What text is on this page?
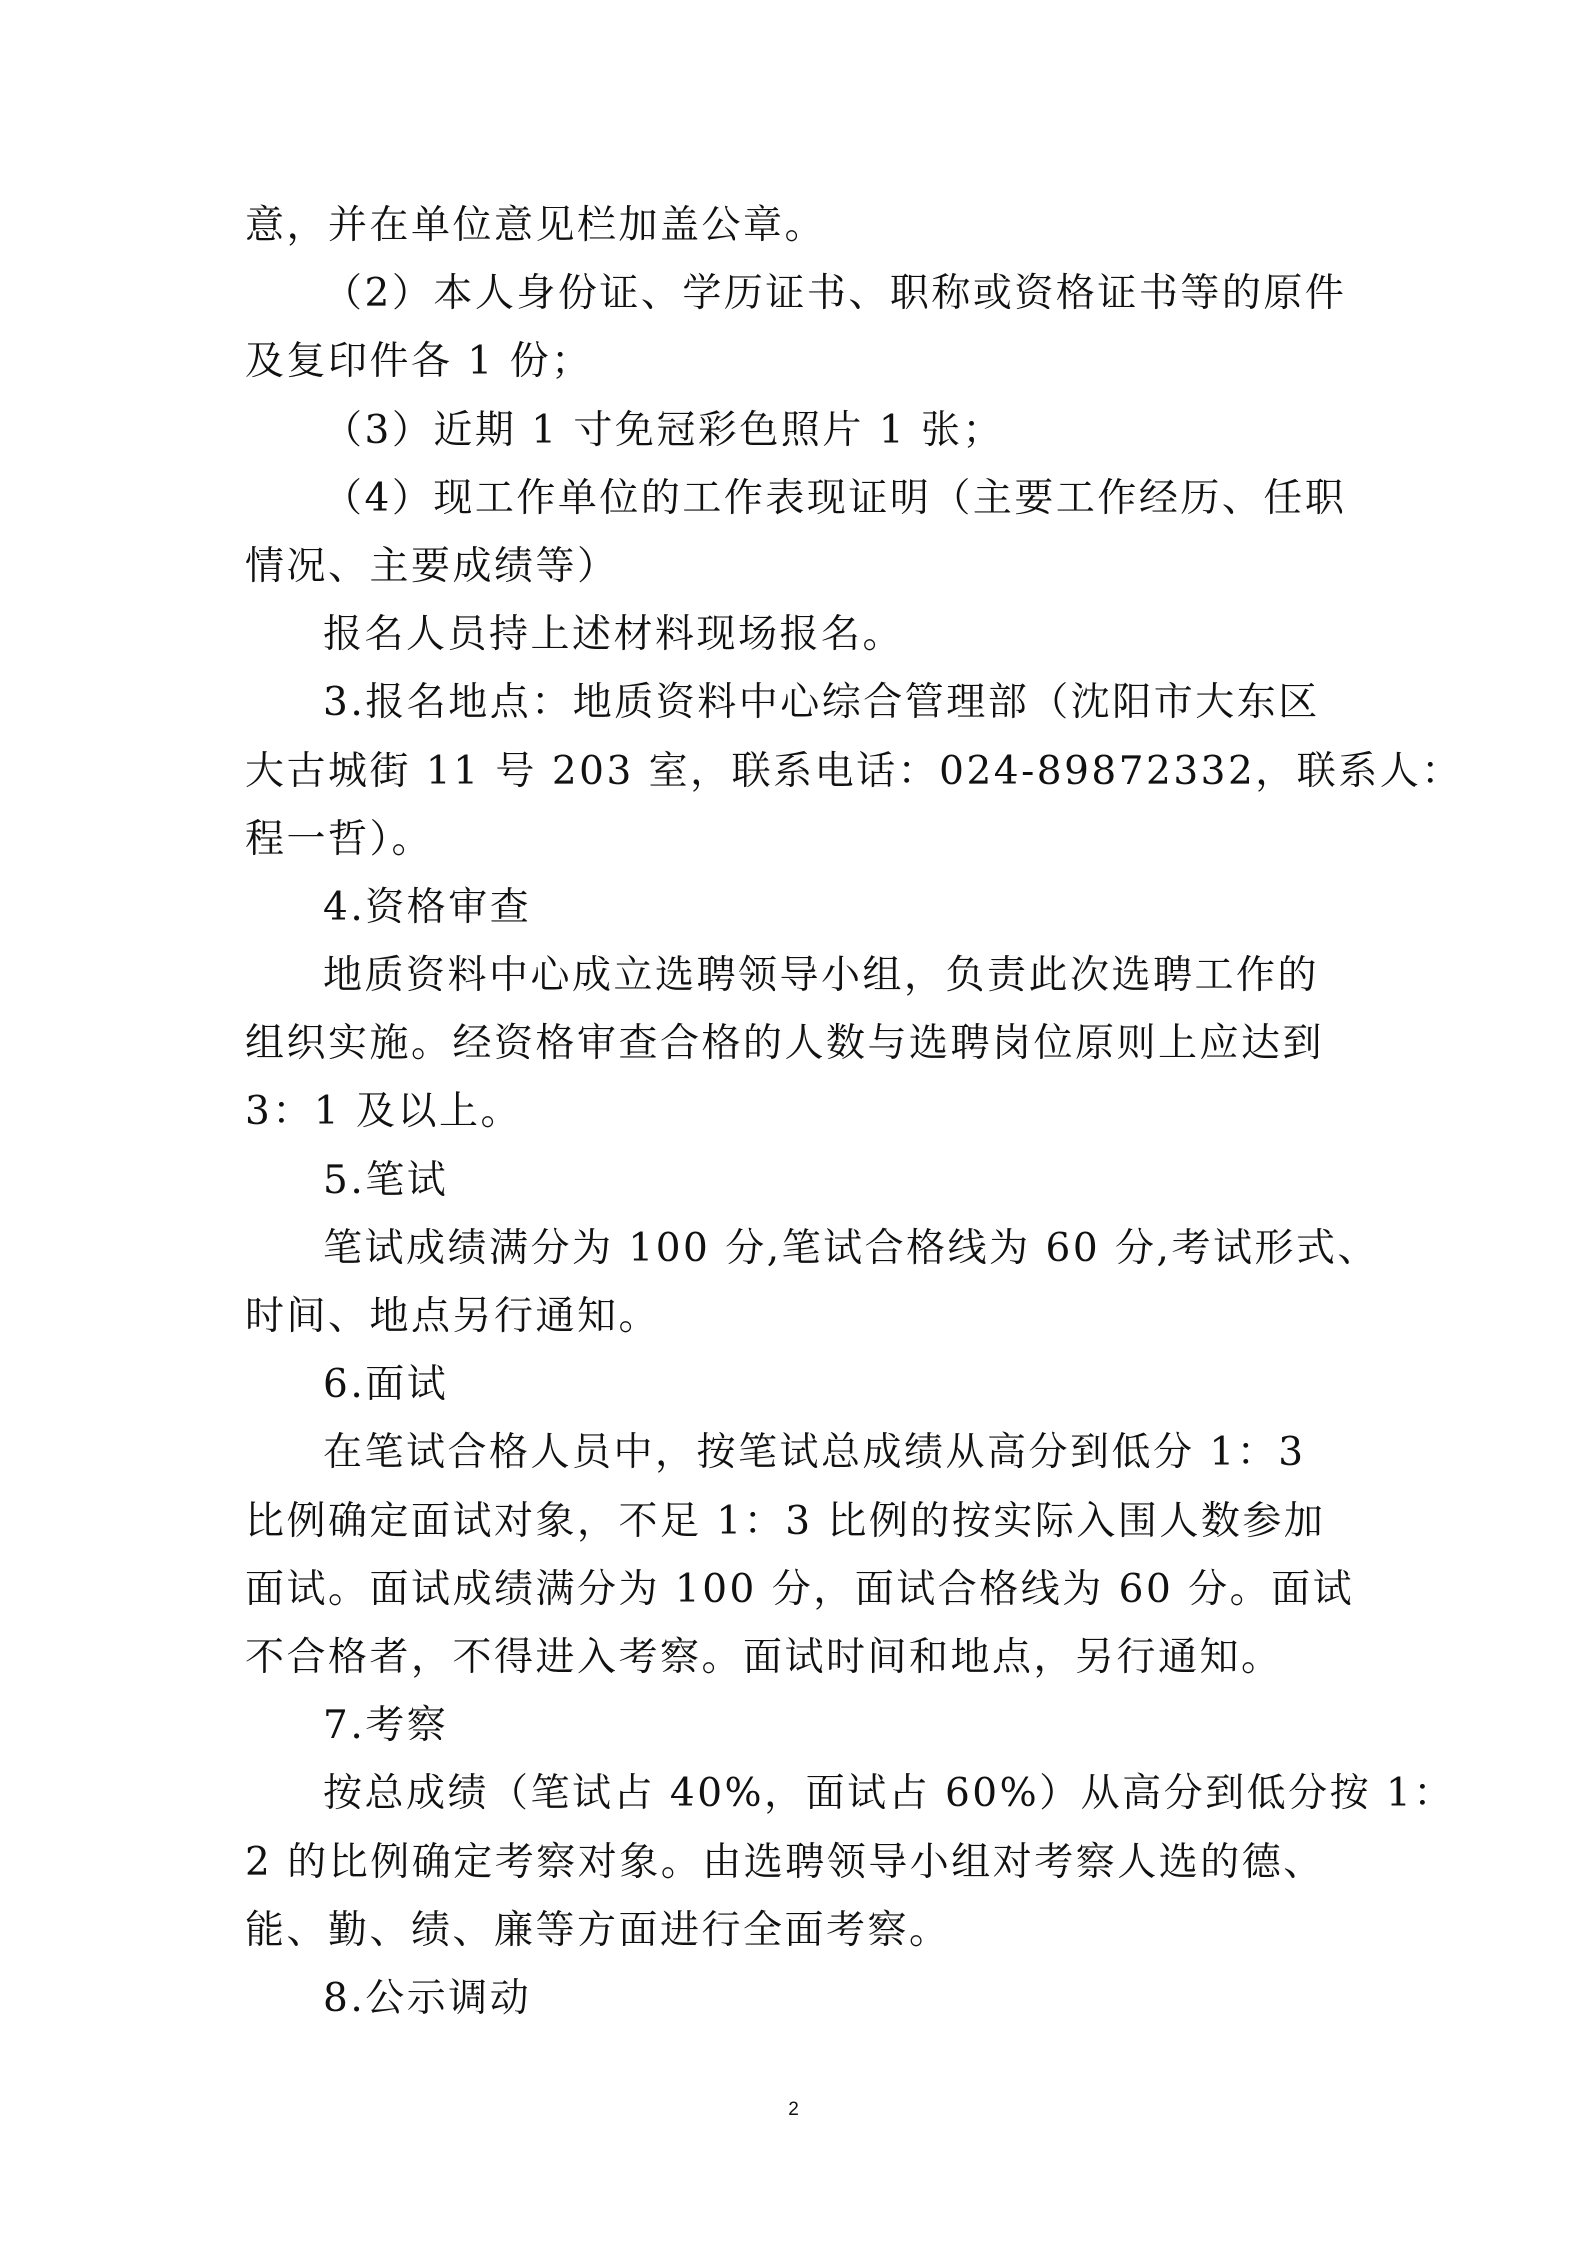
意，并在单位意见栏加盖公章。
（2）本人身份证、学历证书、职称或资格证书等的原件
及复印件各 1 份；
（3）近期 1 寸免冠彩色照片 1 张；
（4）现工作单位的工作表现证明（主要工作经历、任职
情况、主要成绩等）
报名人员持上述材料现场报名。
3.报名地点：地质资料中心综合管理部（沈阳市大东区
大古城街 11 号 203 室，联系电话：024-89872332，联系人：
程一哲）。
4.资格审查
地质资料中心成立选聘领导小组，负责此次选聘工作的
组织实施。经资格审查合格的人数与选聘岗位原则上应达到
3：1 及以上。
5.笔试
笔试成绩满分为 100 分,笔试合格线为 60 分,考试形式、
时间、地点另行通知。
6.面试
在笔试合格人员中，按笔试总成绩从高分到低分 1：3
比例确定面试对象，不足 1：3 比例的按实际入围人数参加
面试。面试成绩满分为 100 分，面试合格线为 60 分。面试
不合格者，不得进入考察。面试时间和地点，另行通知。
7.考察
按总成绩（笔试占 40%，面试占 60%）从高分到低分按 1：
2 的比例确定考察对象。由选聘领导小组对考察人选的德、
能、勤、绩、廉等方面进行全面考察。
8.公示调动
2
